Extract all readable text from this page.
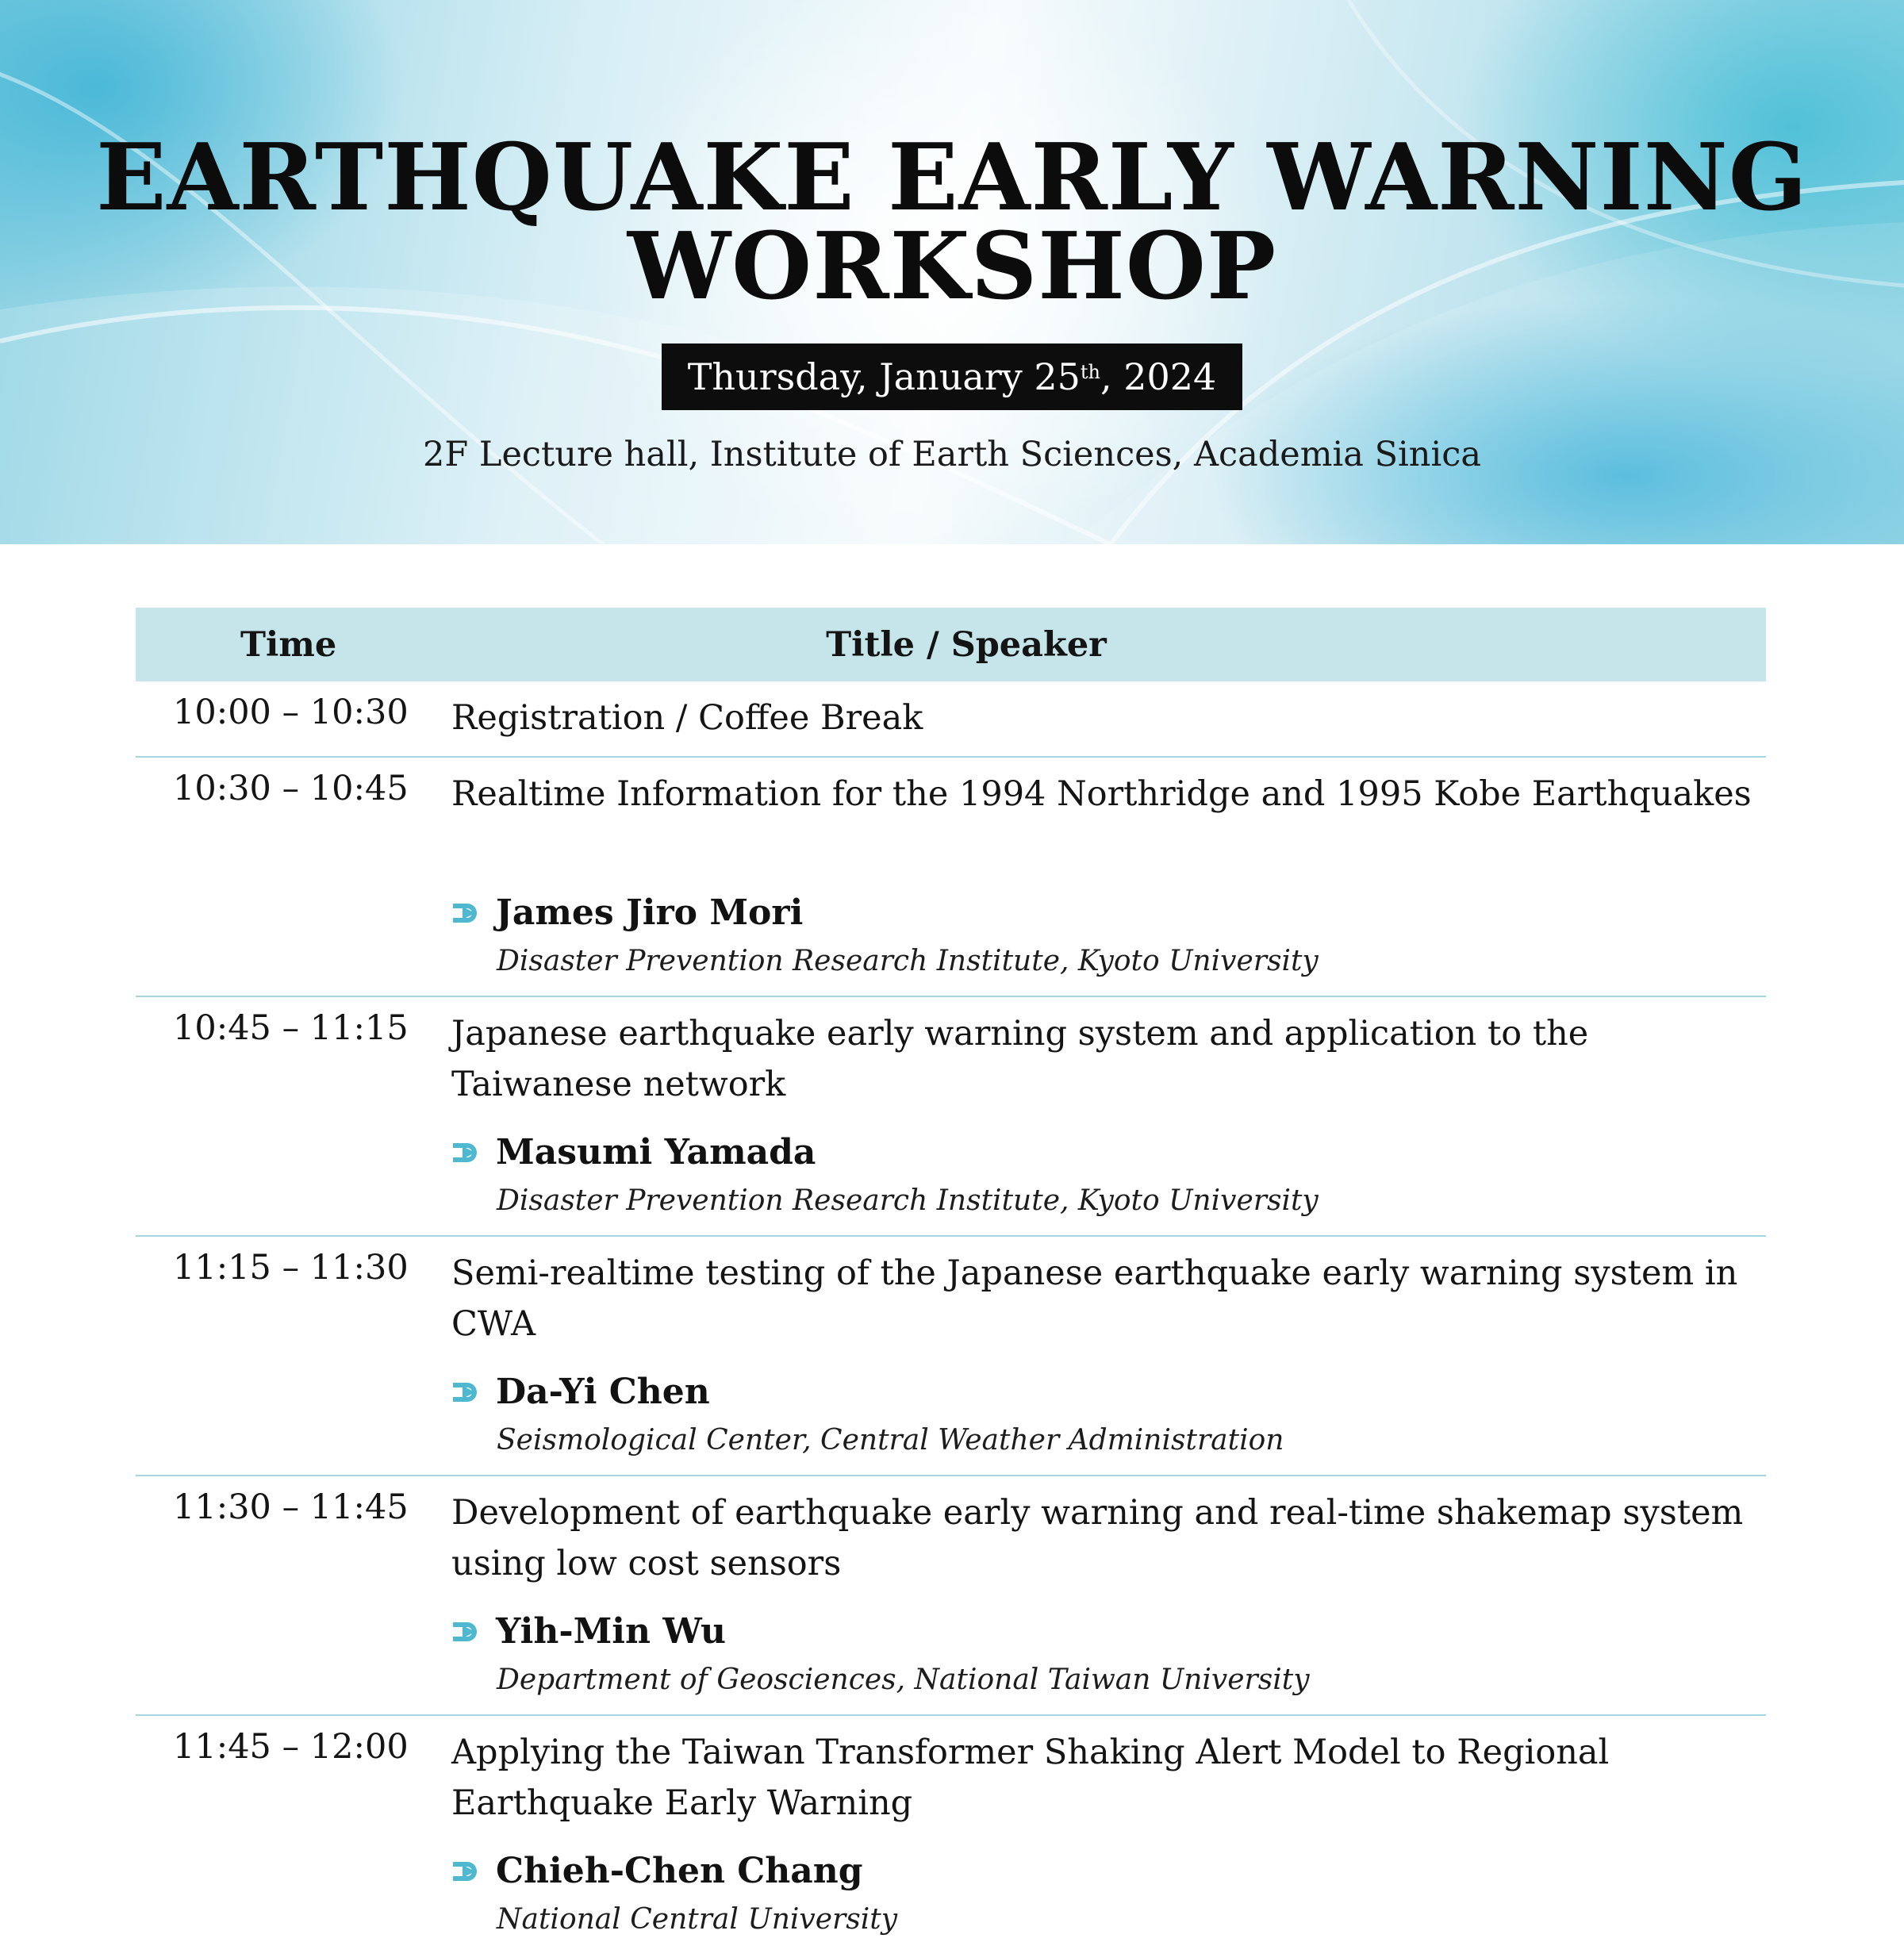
EARTHQUAKE EARLY WARNING
WORKSHOP
Thursday, January 25th , 2024
2F Lecture hall, Institute of Earth Sciences, Academia Sinica
Time	Title / Speaker
10:00 – 10:30 Registration / Coffee Break
10:30 – 10:45 Realtime Information for the 1994 Northridge and 1995 Kobe Earthquakes
James Jiro Mori
Disaster Prevention Research Institute, Kyoto University
10:45 – 11:15 Japanese earthquake early warning system and application to the Taiwanese network
Masumi Yamada
Disaster Prevention Research Institute, Kyoto University
11:15 – 11:30 Semi-realtime testing of the Japanese earthquake early warning system in CWA
Da-Yi Chen
Seismological Center, Central Weather Administration
11:30 – 11:45 Development of earthquake early warning and real-time shakemap system using low cost sensors
Yih-Min Wu
Department of Geosciences, National Taiwan University
11:45 – 12:00 Applying the Taiwan Transformer Shaking Alert Model to Regional Earthquake Early Warning
Chieh-Chen Chang
National Central University
